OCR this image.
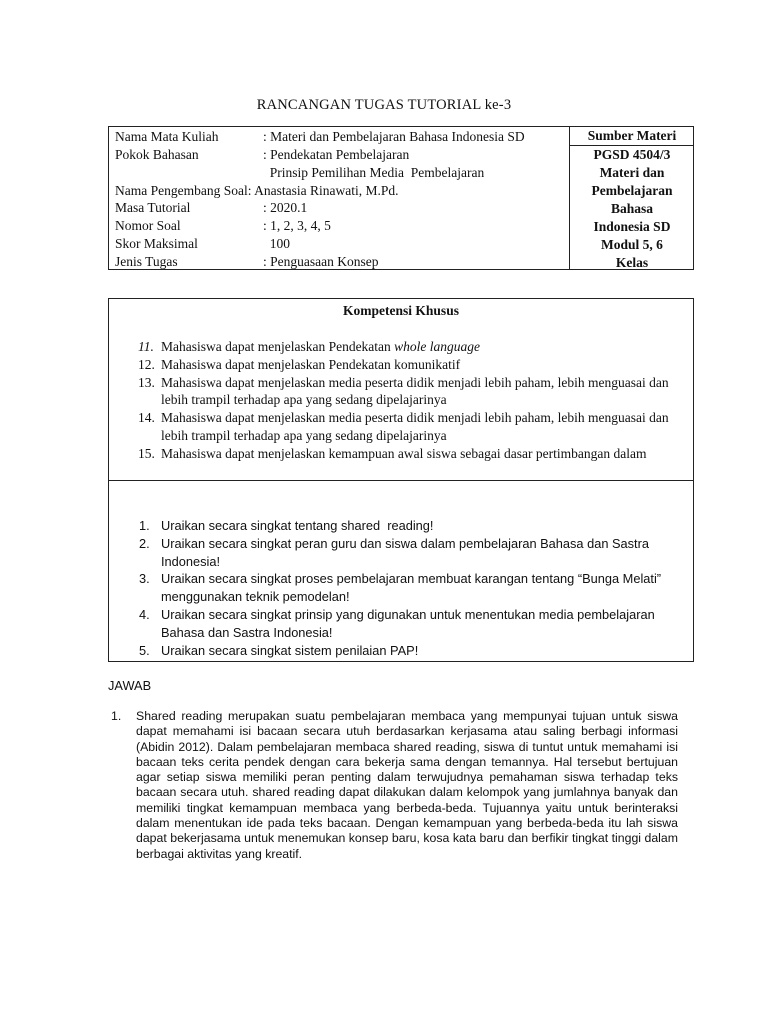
RANCANGAN TUGAS TUTORIAL ke-3
Nama Mata Kuliah	: Materi dan Pembelajaran Bahasa Indonesia SD
Pokok Bahasan	: Pendekatan Pembelajaran
Prinsip Pemilihan Media  Pembelajaran
Nama Pengembang Soal: Anastasia Rinawati, M.Pd.
Masa Tutorial	: 2020.1
Nomor Soal	: 1, 2, 3, 4, 5
Skor Maksimal	100
Jenis Tugas	: Penguasaan Konsep
Sumber Materi
PGSD 4504/3
Materi dan
Pembelajaran
Bahasa
Indonesia SD
Modul 5, 6
Kelas
Kompetensi Khusus
11. Mahasiswa dapat menjelaskan Pendekatan whole language
12. Mahasiswa dapat menjelaskan Pendekatan komunikatif
13. Mahasiswa dapat menjelaskan media peserta didik menjadi lebih paham, lebih menguasai dan lebih trampil terhadap apa yang sedang dipelajarinya
14. Mahasiswa dapat menjelaskan media peserta didik menjadi lebih paham, lebih menguasai dan lebih trampil terhadap apa yang sedang dipelajarinya
15. Mahasiswa dapat menjelaskan kemampuan awal siswa sebagai dasar pertimbangan dalam
1. Uraikan secara singkat tentang shared  reading!
2. Uraikan secara singkat peran guru dan siswa dalam pembelajaran Bahasa dan Sastra Indonesia!
3. Uraikan secara singkat proses pembelajaran membuat karangan tentang “Bunga Melati” menggunakan teknik pemodelan!
4. Uraikan secara singkat prinsip yang digunakan untuk menentukan media pembelajaran Bahasa dan Sastra Indonesia!
5. Uraikan secara singkat sistem penilaian PAP!
JAWAB
1. Shared reading merupakan suatu pembelajaran membaca yang mempunyai tujuan untuk siswa dapat memahami isi bacaan secara utuh berdasarkan kerjasama atau saling berbagi informasi (Abidin 2012). Dalam pembelajaran membaca shared reading, siswa di tuntut untuk memahami isi bacaan teks cerita pendek dengan cara bekerja sama dengan temannya. Hal tersebut bertujuan agar setiap siswa memiliki peran penting dalam terwujudnya pemahaman siswa terhadap teks bacaan secara utuh. shared reading dapat dilakukan dalam kelompok yang jumlahnya banyak dan memiliki tingkat kemampuan membaca yang berbeda-beda. Tujuannya yaitu untuk berinteraksi dalam menentukan ide pada teks bacaan. Dengan kemampuan yang berbeda-beda itu lah siswa dapat bekerjasama untuk menemukan konsep baru, kosa kata baru dan berfikir tingkat tinggi dalam berbagai aktivitas yang kreatif.
